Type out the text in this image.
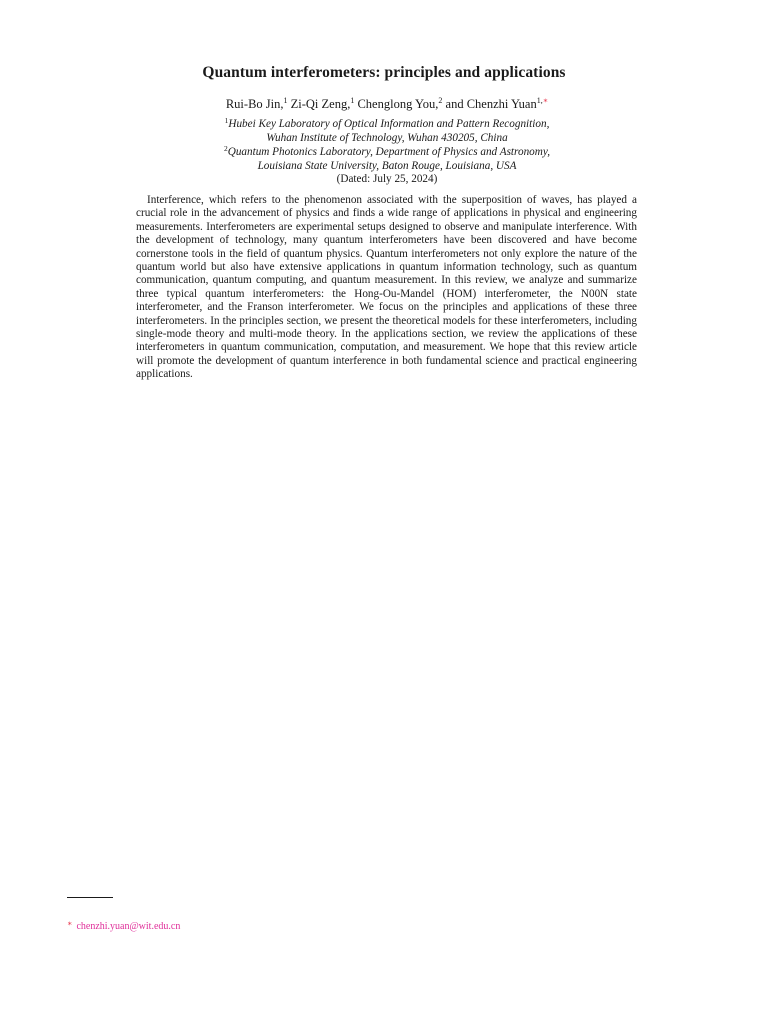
Quantum interferometers: principles and applications
Rui-Bo Jin,$^1$ Zi-Qi Zeng,$^1$ Chenglong You,$^2$ and Chenzhi Yuan$^{1,∗}$
$^1$Hubei Key Laboratory of Optical Information and Pattern Recognition,
Wuhan Institute of Technology, Wuhan 430205, China
$^2$Quantum Photonics Laboratory, Department of Physics and Astronomy,
Louisiana State University, Baton Rouge, Louisiana, USA
(Dated: July 25, 2024)
Interference, which refers to the phenomenon associated with the superposition of waves, has played a crucial role in the advancement of physics and finds a wide range of applications in physical and engineering measurements. Interferometers are experimental setups designed to observe and manipulate interference. With the development of technology, many quantum interferometers have been discovered and have become cornerstone tools in the field of quantum physics. Quantum interferometers not only explore the nature of the quantum world but also have extensive applications in quantum information technology, such as quantum communication, quantum computing, and quantum measurement. In this review, we analyze and summarize three typical quantum interferometers: the Hong-Ou-Mandel (HOM) interferometer, the N00N state interferometer, and the Franson interferometer. We focus on the principles and applications of these three interferometers. In the principles section, we present the theoretical models for these interferometers, including single-mode theory and multi-mode theory. In the applications section, we review the applications of these interferometers in quantum communication, computation, and measurement. We hope that this review article will promote the development of quantum interference in both fundamental science and practical engineering applications.
∗ chenzhi.yuan@wit.edu.cn
